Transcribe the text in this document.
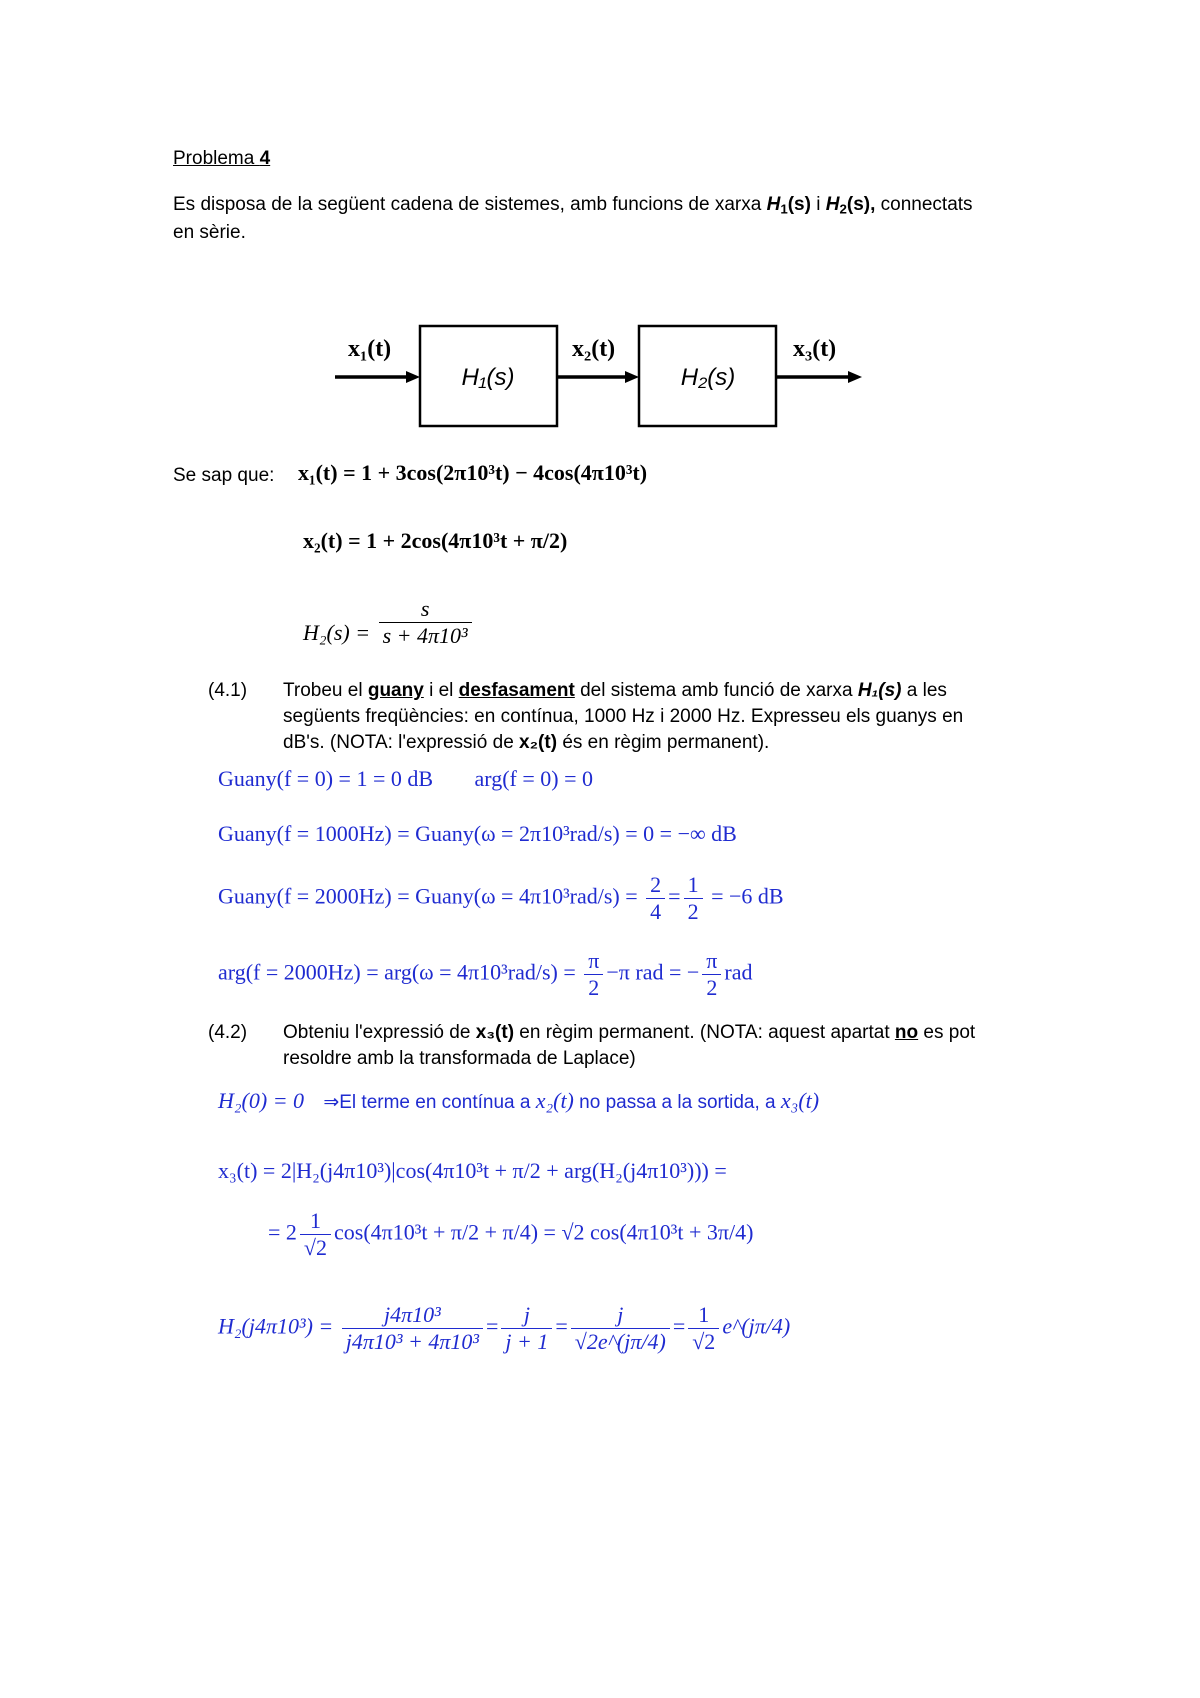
Problema 4
Es disposa de la següent cadena de sistemes, amb funcions de xarxa $H_1(s)$ i $H_2(s)$, connectats
en sèrie.
x₁(t)	x₂(t)	x₃(t)
H₁(s)	H₂(s)
Se sap que: x₁(t) = 1 + 3cos(2π10³t) − 4cos(4π10³t)
x₂(t) = 1 + 2cos(4π10³t + π/2)
$H_2(s) = \frac{s}{\text{s + 4π10³}}$
(4.1) Trobeu el guany i el desfasament del sistema amb funció de xarxa H₁(s) a les
següents freqüències: en contínua, 1000 Hz i 2000 Hz. Expresseu els guanys en
dB's. (NOTA: l'expressió de x₂(t) és en règim permanent).
Guany(f = 0) = 1 = 0 dB arg(f = 0) = 0
Guany(f = 1000Hz) = Guany(ω = 2π10³rad/s) = 0 = −∞ dB
Guany(f = 2000Hz) = Guany(ω = $4\pi 10^3rad/s) = \frac{2}{4} = \frac{1}{2} = -6$ dB
$arg(f = 2000Hz) = arg(\omega = 4\pi 10^3rad/s) = \frac{\pi}{2} -\pi$ rad = − $\frac{\pi}{2}$ rad
(4.2) Obteniu l'expressió de x₃(t) en règim permanent. (NOTA: aquest apartat no es pot
resoldre amb la transformada de Laplace)
H₂(0) = 0 ⇒El terme en contínua a x₂(t) no passa a la sortida, a x₃(t)
x₃(t) = 2|H₂(j4π10³)|cos(4π10³t + π/2 + arg(H₂(j4π10³))) =
= $2 \frac{1}{√2} \cos(4\pi 10^3t + \pi/2 + \pi/4) = √2$ cos(4π10³t + 3π/4)
$H_2(j4\pi 10^3) = \frac{\text{j4π10³}}{\text{j4π10³ + 4π10³}} = \frac{j}{j + 1} = \frac{j}{√2e\^{}(j\pi/4)} = \frac{1}{√2}$ e^(jπ/4)
